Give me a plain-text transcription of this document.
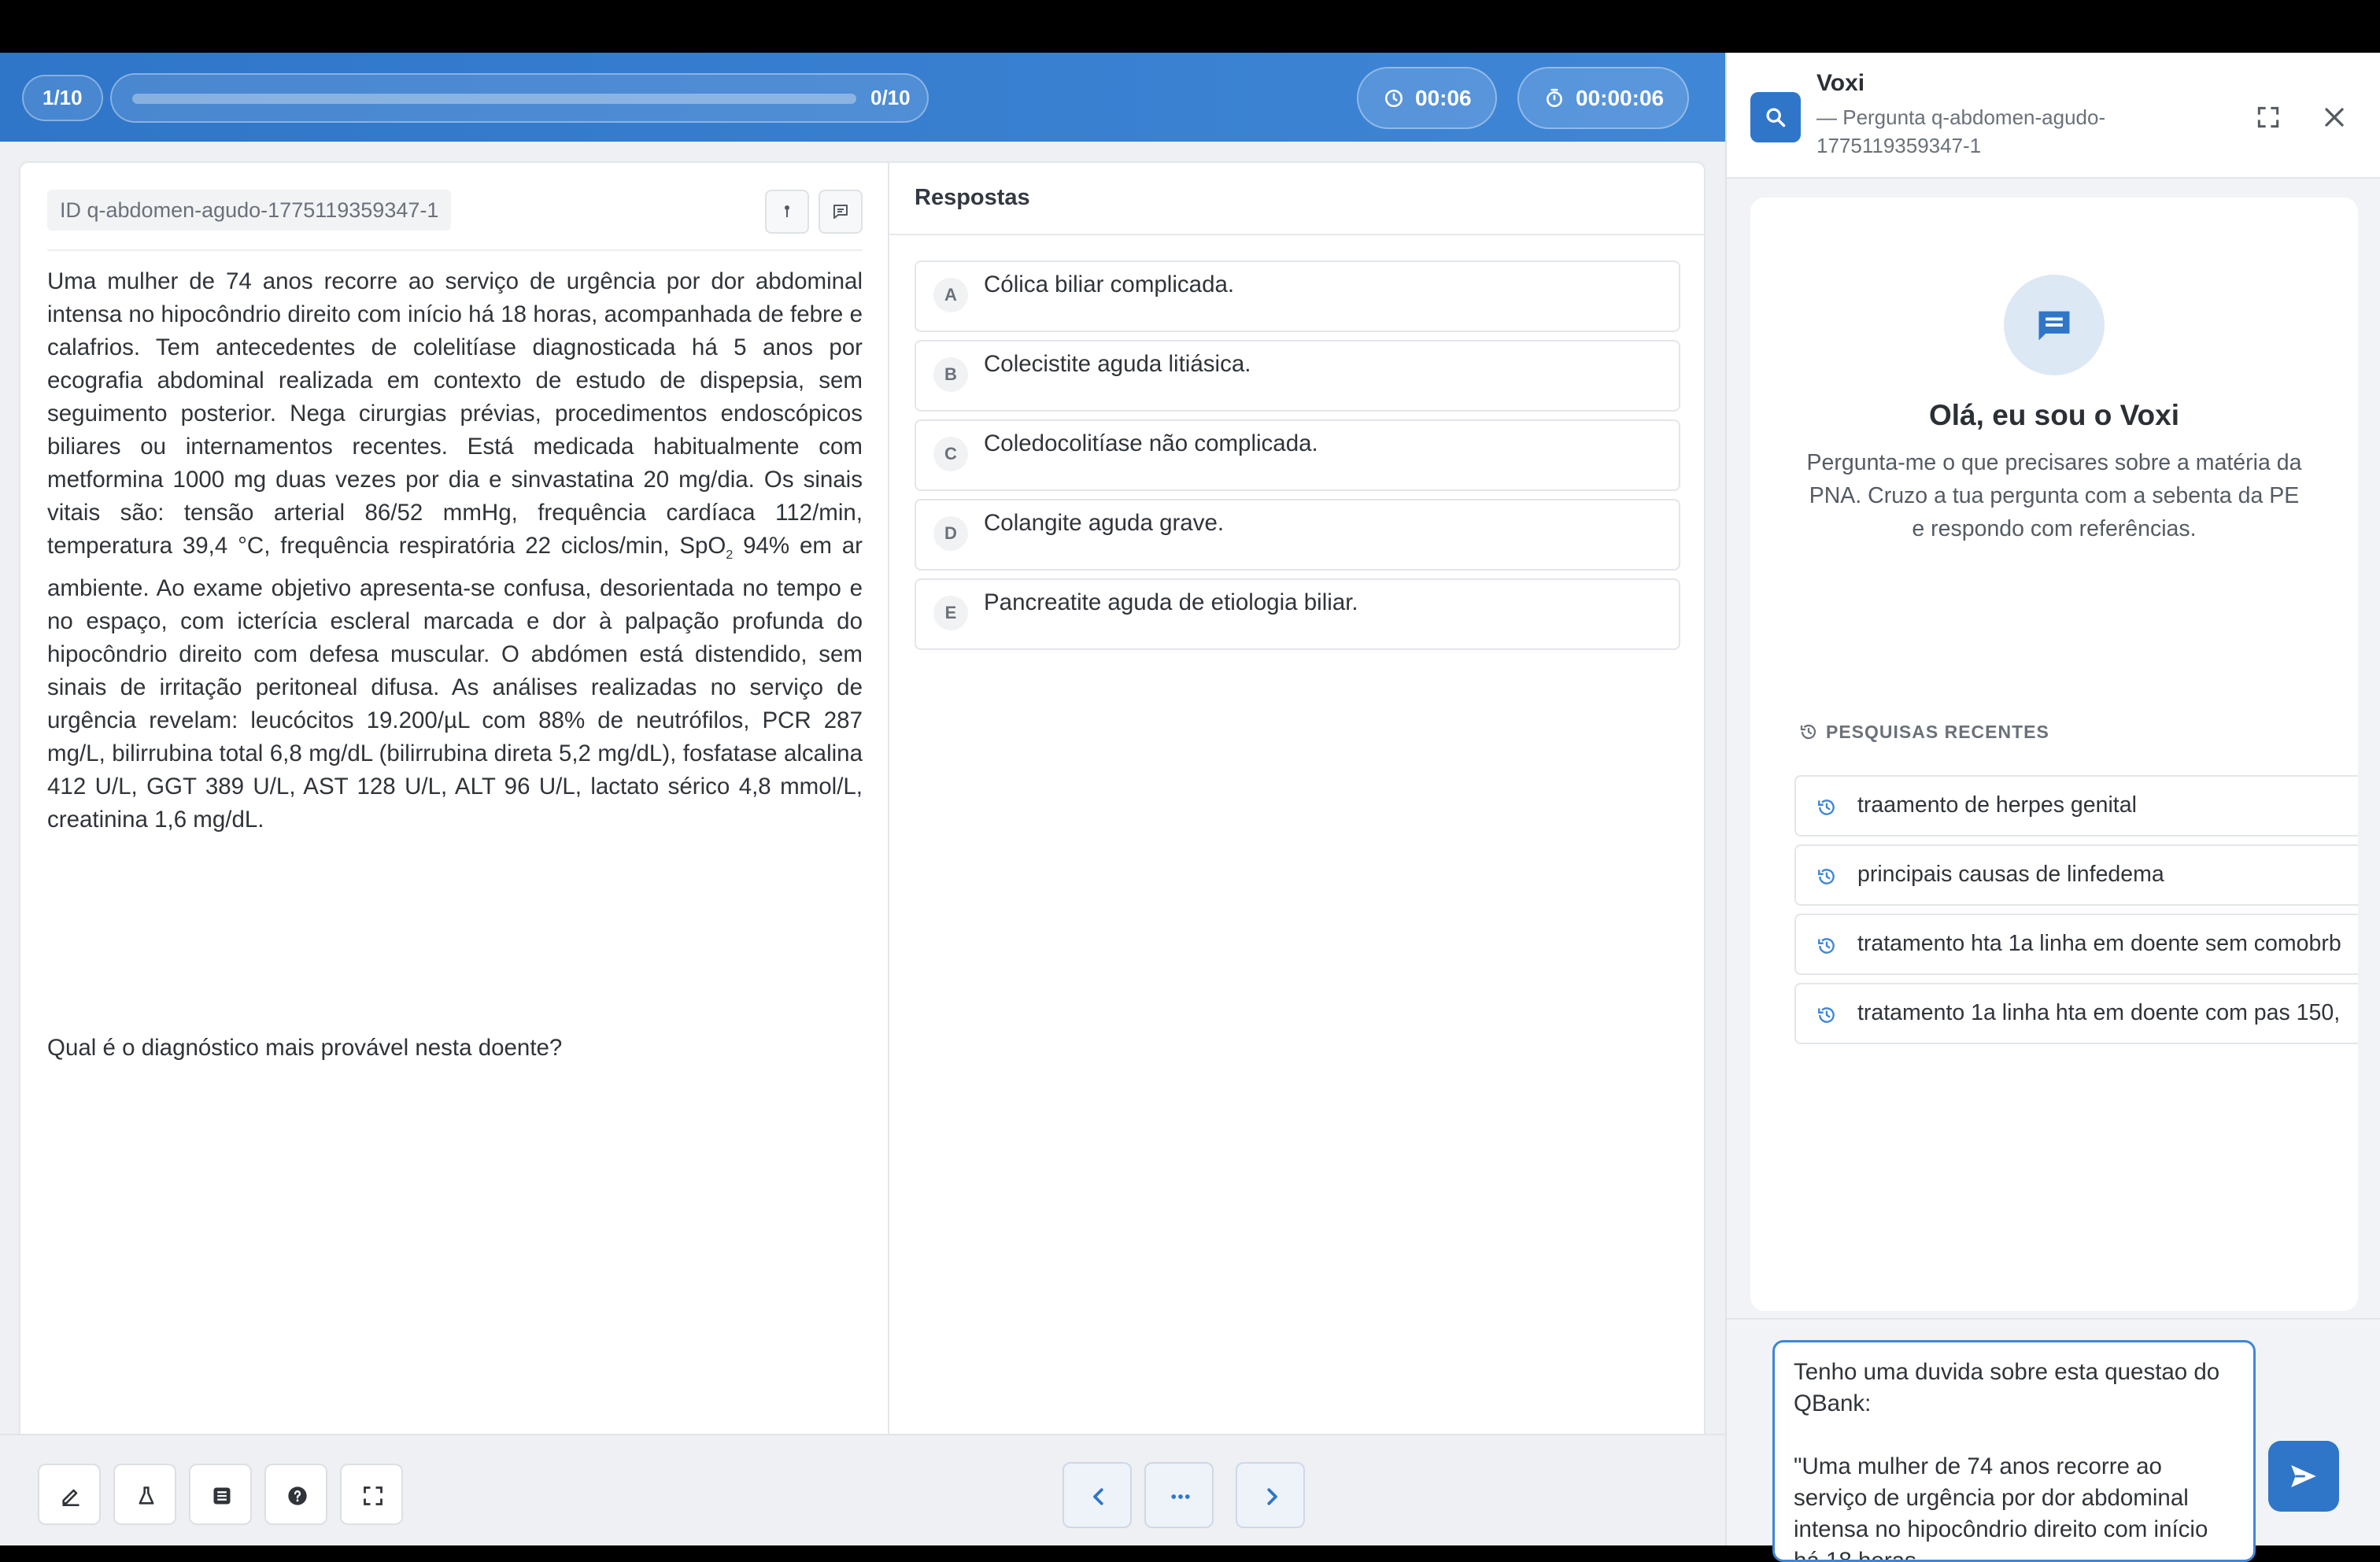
1/10	0/10	00:06	00:00:06
ID q-abdomen-agudo-1775119359347-1

Uma mulher de 74 anos recorre ao serviço de urgência por dor abdominal intensa no hipocôndrio direito com início há 18 horas, acompanhada de febre e calafrios. Tem antecedentes de colelitíase diagnosticada há 5 anos por ecografia abdominal realizada em contexto de estudo de dispepsia, sem seguimento posterior. Nega cirurgias prévias, procedimentos endoscópicos biliares ou internamentos recentes. Está medicada habitualmente com metformina 1000 mg duas vezes por dia e sinvastatina 20 mg/dia. Os sinais vitais são: tensão arterial 86/52 mmHg, frequência cardíaca 112/min, temperatura 39,4 °C, frequência respiratória 22 ciclos/min, SpO$_2$ 94% em ar ambiente. Ao exame objetivo apresenta-se confusa, desorientada no tempo e no espaço, com icterícia escleral marcada e dor à palpação profunda do hipocôndrio direito com defesa muscular. O abdómen está distendido, sem sinais de irritação peritoneal difusa. As análises realizadas no serviço de urgência revelam: leucócitos 19.200/µL com 88% de neutrófilos, PCR 287 mg/L, bilirrubina total 6,8 mg/dL (bilirrubina direta 5,2 mg/dL), fosfatase alcalina 412 U/L, GGT 389 U/L, AST 128 U/L, ALT 96 U/L, lactato sérico 4,8 mmol/L, creatinina 1,6 mg/dL.

Qual é o diagnóstico mais provável nesta doente?

Respostas
A	Cólica biliar complicada.
B	Colecistite aguda litiásica.
C	Coledocolitíase não complicada.
D	Colangite aguda grave.
E	Pancreatite aguda de etiologia biliar.
Voxi
— Pergunta q-abdomen-agudo-1775119359347-1
Olá, eu sou o Voxi
Pergunta-me o que precisares sobre a matéria da PNA. Cruzo a tua pergunta com a sebenta da PE e respondo com referências.
PESQUISAS RECENTES
traamento de herpes genital
principais causas de linfedema
tratamento hta 1a linha em doente sem comobrb
tratamento 1a linha hta em doente com pas 150,
Tenho uma duvida sobre esta questao do QBank: "Uma mulher de 74 anos recorre ao serviço de urgência por dor abdominal intensa no hipocôndrio direito com início há 18 horas
